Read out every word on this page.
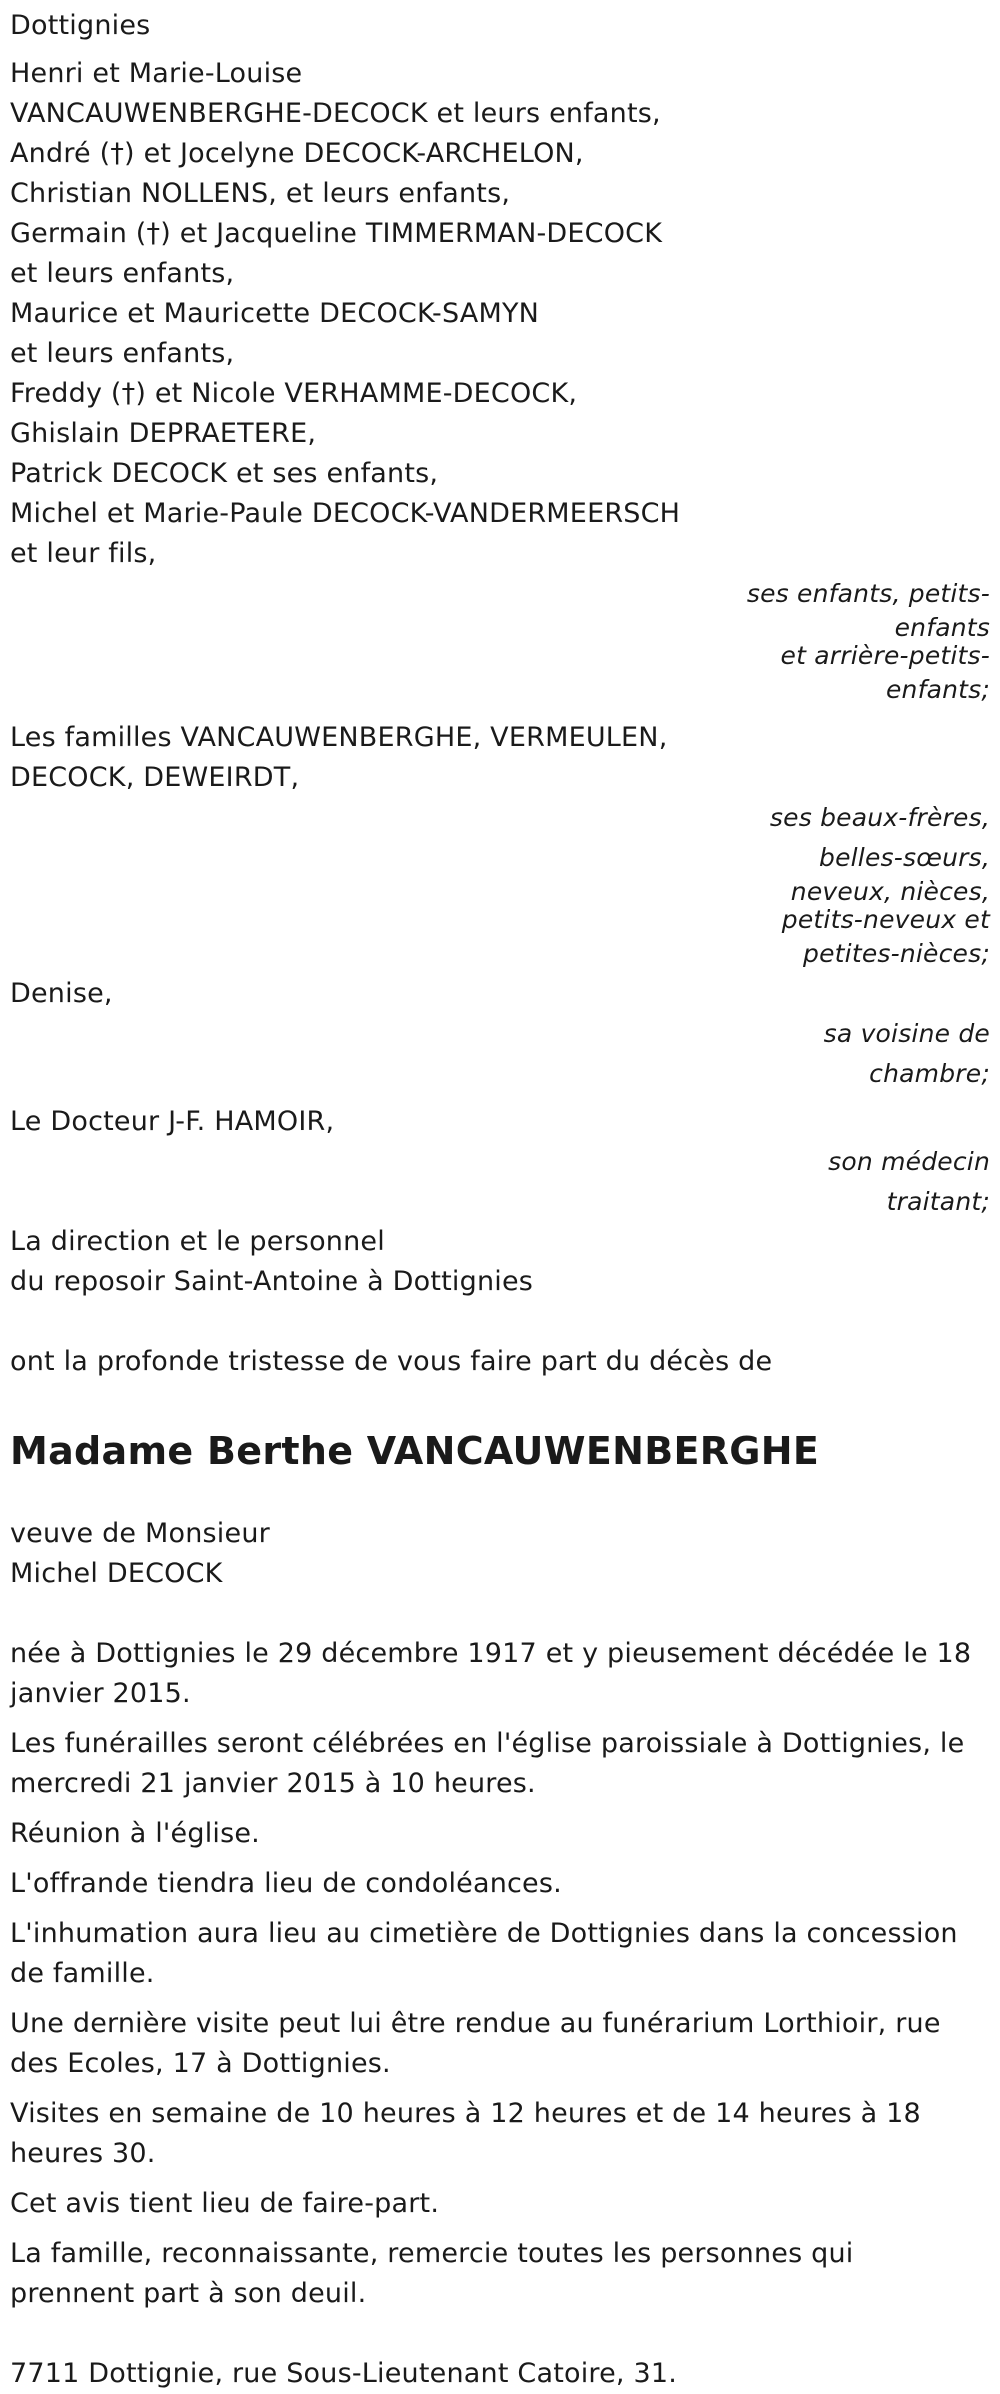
Dottignies
Henri et Marie-Louise
VANCAUWENBERGHE-DECOCK et leurs enfants,
André (†) et Jocelyne DECOCK-ARCHELON,
Christian NOLLENS, et leurs enfants,
Germain (†) et Jacqueline TIMMERMAN-DECOCK
et leurs enfants,
Maurice et Mauricette DECOCK-SAMYN
et leurs enfants,
Freddy (†) et Nicole VERHAMME-DECOCK,
Ghislain DEPRAETERE,
Patrick DECOCK et ses enfants,
Michel et Marie-Paule DECOCK-VANDERMEERSCH
et leur fils,
ses enfants, petits-
enfants
et arrière-petits-
enfants;
Les familles VANCAUWENBERGHE, VERMEULEN,
DECOCK, DEWEIRDT,
ses beaux-frères,
belles-sœurs,
neveux, nièces,
petits-neveux et
petites-nièces;
Denise,
sa voisine de
chambre;
Le Docteur J-F. HAMOIR,
son médecin
traitant;
La direction et le personnel
du reposoir Saint-Antoine à Dottignies
ont la profonde tristesse de vous faire part du décès de
Madame Berthe VANCAUWENBERGHE
veuve de Monsieur
Michel DECOCK
née à Dottignies le 29 décembre 1917 et y pieusement décédée le 18 janvier 2015.
Les funérailles seront célébrées en l'église paroissiale à Dottignies, le mercredi 21 janvier 2015 à 10 heures.
Réunion à l'église.
L'offrande tiendra lieu de condoléances.
L'inhumation aura lieu au cimetière de Dottignies dans la concession de famille.
Une dernière visite peut lui être rendue au funérarium Lorthioir, rue des Ecoles, 17 à Dottignies.
Visites en semaine de 10 heures à 12 heures et de 14 heures à 18 heures 30.
Cet avis tient lieu de faire-part.
La famille, reconnaissante, remercie toutes les personnes qui prennent part à son deuil.
7711 Dottignie, rue Sous-Lieutenant Catoire, 31.
